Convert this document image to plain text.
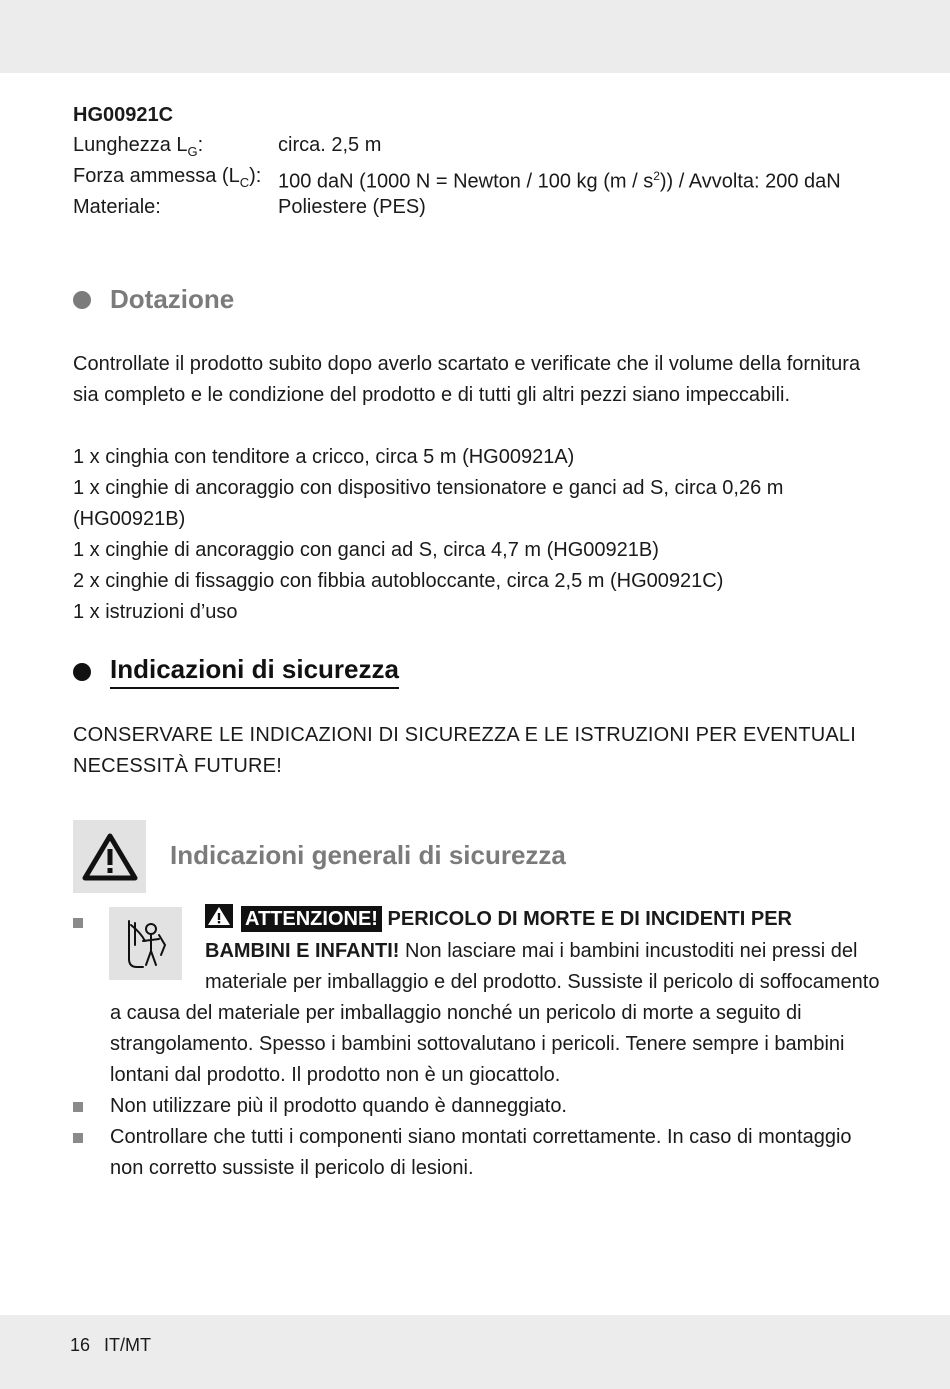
HG00921C
Lunghezza $L_G$:	circa. 2,5 m
Forza ammessa $(L_C)$: 100 daN (1000 N = Newton / 100 kg $(m / s^2)$) / Avvolta: 200 daN
Materiale:	Poliestere (PES)
Dotazione
Controllate il prodotto subito dopo averlo scartato e verificate che il volume della fornitura
sia completo e le condizione del prodotto e di tutti gli altri pezzi siano impeccabili.
1 x cinghia con tenditore a cricco, circa 5 m (HG00921A)
1 x cinghie di ancoraggio con dispositivo tensionatore e ganci ad S, circa 0,26 m (HG00921B)
1 x cinghie di ancoraggio con ganci ad S, circa 4,7 m (HG00921B)
2 x cinghie di fissaggio con fibbia autobloccante, circa 2,5 m (HG00921C)
1 x istruzioni d’uso
Indicazioni di sicurezza
CONSERVARE LE INDICAZIONI DI SICUREZZA E LE ISTRUZIONI PER EVENTUALI
NECESSITÀ FUTURE!
Indicazioni generali di sicurezza
ATTENZIONE! PERICOLO DI MORTE E DI INCIDENTI PER
BAMBINI E INFANTI! Non lasciare mai i bambini incustoditi nei pressi del
materiale per imballaggio e del prodotto. Sussiste il pericolo di soffocamento
a causa del materiale per imballaggio nonché un pericolo di morte a seguito di
strangolamento. Spesso i bambini sottovalutano i pericoli. Tenere sempre i bambini
lontani dal prodotto. Il prodotto non è un giocattolo.
Non utilizzare più il prodotto quando è danneggiato.
Controllare che tutti i componenti siano montati correttamente. In caso di montaggio
non corretto sussiste il pericolo di lesioni.
16 IT/MT
